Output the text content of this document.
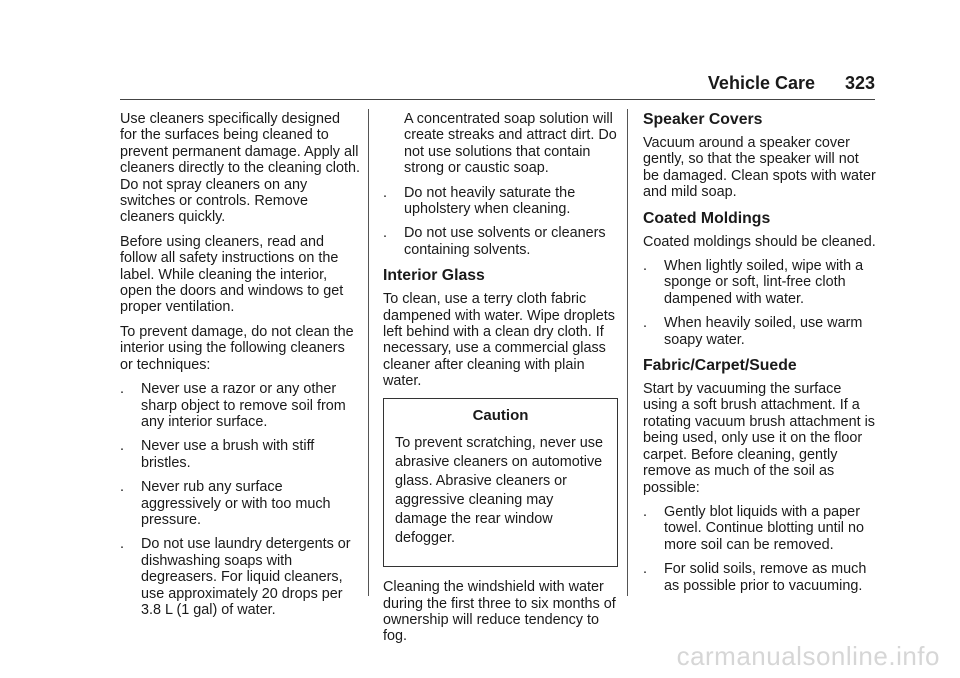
Vehicle Care 323

Use cleaners specifically designed for the surfaces being cleaned to prevent permanent damage. Apply all cleaners directly to the cleaning cloth. Do not spray cleaners on any switches or controls. Remove cleaners quickly.

Before using cleaners, read and follow all safety instructions on the label. While cleaning the interior, open the doors and windows to get proper ventilation.

To prevent damage, do not clean the interior using the following cleaners or techniques:

. Never use a razor or any other sharp object to remove soil from any interior surface.
. Never use a brush with stiff bristles.
. Never rub any surface aggressively or with too much pressure.
. Do not use laundry detergents or dishwashing soaps with degreasers. For liquid cleaners, use approximately 20 drops per 3.8 L (1 gal) of water.
A concentrated soap solution will create streaks and attract dirt. Do not use solutions that contain strong or caustic soap.
. Do not heavily saturate the upholstery when cleaning.
. Do not use solvents or cleaners containing solvents.
Interior Glass

To clean, use a terry cloth fabric dampened with water. Wipe droplets left behind with a clean dry cloth. If necessary, use a commercial glass cleaner after cleaning with plain water.

Caution

To prevent scratching, never use abrasive cleaners on automotive glass. Abrasive cleaners or aggressive cleaning may damage the rear window defogger.

Cleaning the windshield with water during the first three to six months of ownership will reduce tendency to fog.

Speaker Covers

Vacuum around a speaker cover gently, so that the speaker will not be damaged. Clean spots with water and mild soap.

Coated Moldings

Coated moldings should be cleaned.

. When lightly soiled, wipe with a sponge or soft, lint-free cloth dampened with water.
. When heavily soiled, use warm soapy water.
Fabric/Carpet/Suede

Start by vacuuming the surface using a soft brush attachment. If a rotating vacuum brush attachment is being used, only use it on the floor carpet. Before cleaning, gently remove as much of the soil as possible:

. Gently blot liquids with a paper towel. Continue blotting until no more soil can be removed.
. For solid soils, remove as much as possible prior to vacuuming.
carmanualsonline.info
